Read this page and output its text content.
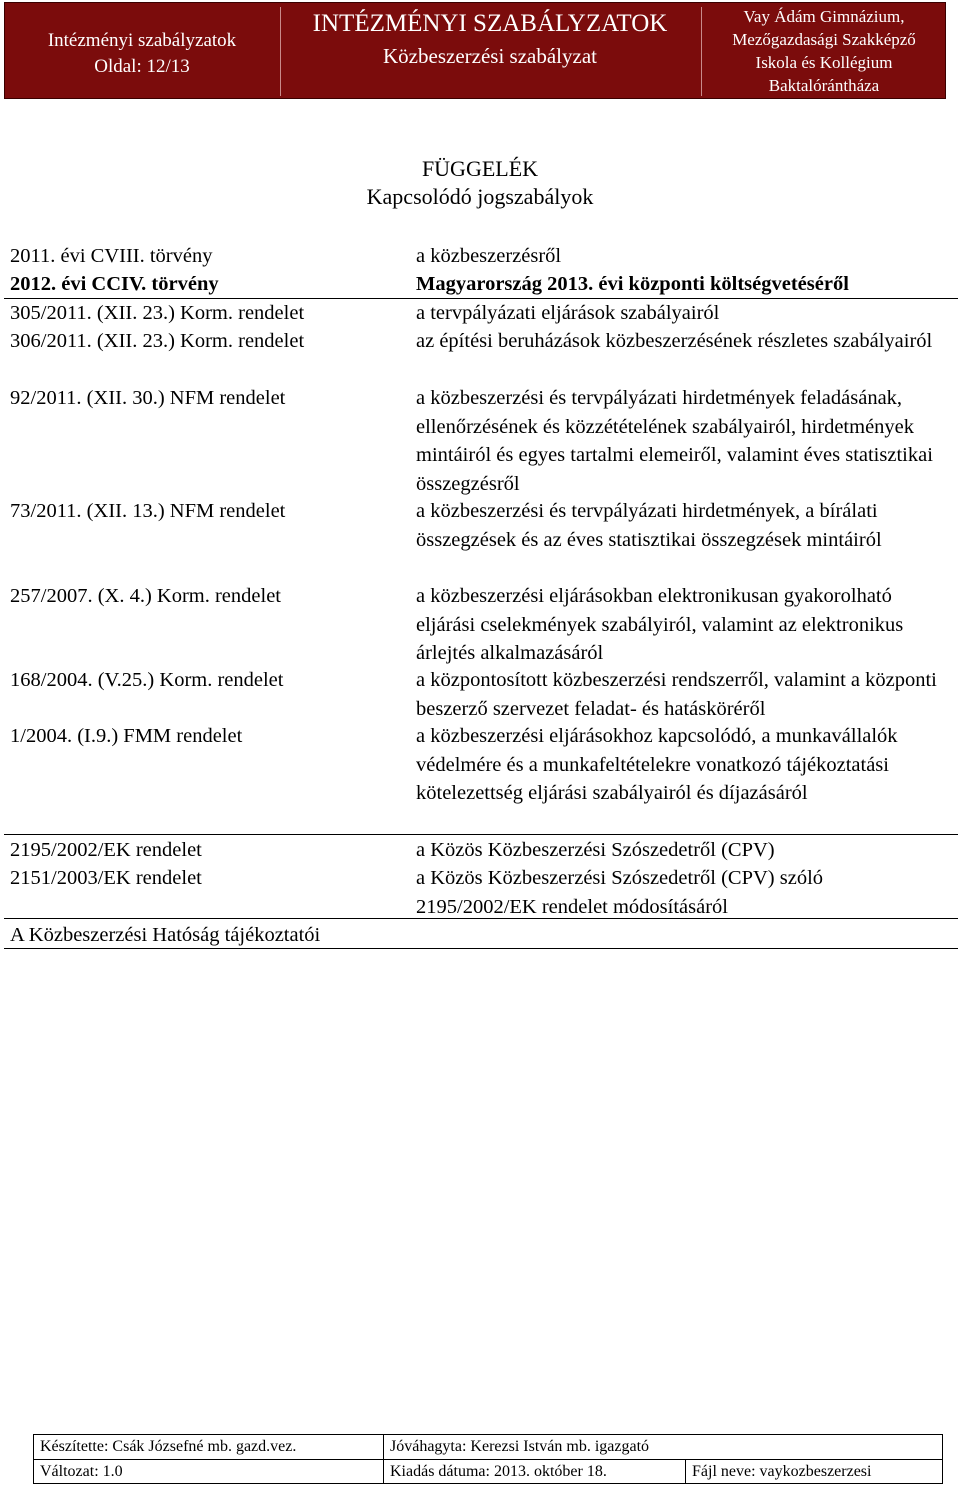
Intézményi szabályzatok
Oldal: 12/13
INTÉZMÉNYI SZABÁLYZATOK
Közbeszerzési szabályzat
Vay Ádám Gimnázium,
Mezőgazdasági Szakképző
Iskola és Kollégium
Baktalórántháza
FÜGGELÉK
Kapcsolódó jogszabályok
2011. évi CVIII. törvény	a közbeszerzésről
2012. évi CCIV. törvény	Magyarország 2013. évi központi költségvetéséről
305/2011. (XII. 23.) Korm. rendelet	a tervpályázati eljárások szabályairól
306/2011. (XII. 23.) Korm. rendelet	az építési beruházások közbeszerzésének részletes szabályairól
92/2011. (XII. 30.) NFM rendelet	a közbeszerzési és tervpályázati hirdetmények feladásának, ellenőrzésének és közzétételének szabályairól, hirdetmények mintáiról és egyes tartalmi elemeiről, valamint éves statisztikai összegzésről
73/2011. (XII. 13.) NFM rendelet	a közbeszerzési és tervpályázati hirdetmények, a bírálati összegzések és az éves statisztikai összegzések mintáiról
257/2007. (X. 4.) Korm. rendelet	a közbeszerzési eljárásokban elektronikusan gyakorolható eljárási cselekmények szabályiról, valamint az elektronikus árlejtés alkalmazásáról
168/2004. (V.25.) Korm. rendelet	a központosított közbeszerzési rendszerről, valamint a központi beszerző szervezet feladat- és hatásköréről
1/2004. (I.9.) FMM rendelet	a közbeszerzési eljárásokhoz kapcsolódó, a munkavállalók védelmére és a munkafeltételekre vonatkozó tájékoztatási kötelezettség eljárási szabályairól és díjazásáról
2195/2002/EK rendelet	a Közös Közbeszerzési Szószedetről (CPV)
2151/2003/EK rendelet	a Közös Közbeszerzési Szószedetről (CPV) szóló 2195/2002/EK rendelet módosításáról
A Közbeszerzési Hatóság tájékoztatói
Készítette: Csák Józsefné mb. gazd.vez.	Jóváhagyta: Kerezsi István mb. igazgató
Változat: 1.0	Kiadás dátuma: 2013. október 18.	Fájl neve: vaykozbeszerzesi
